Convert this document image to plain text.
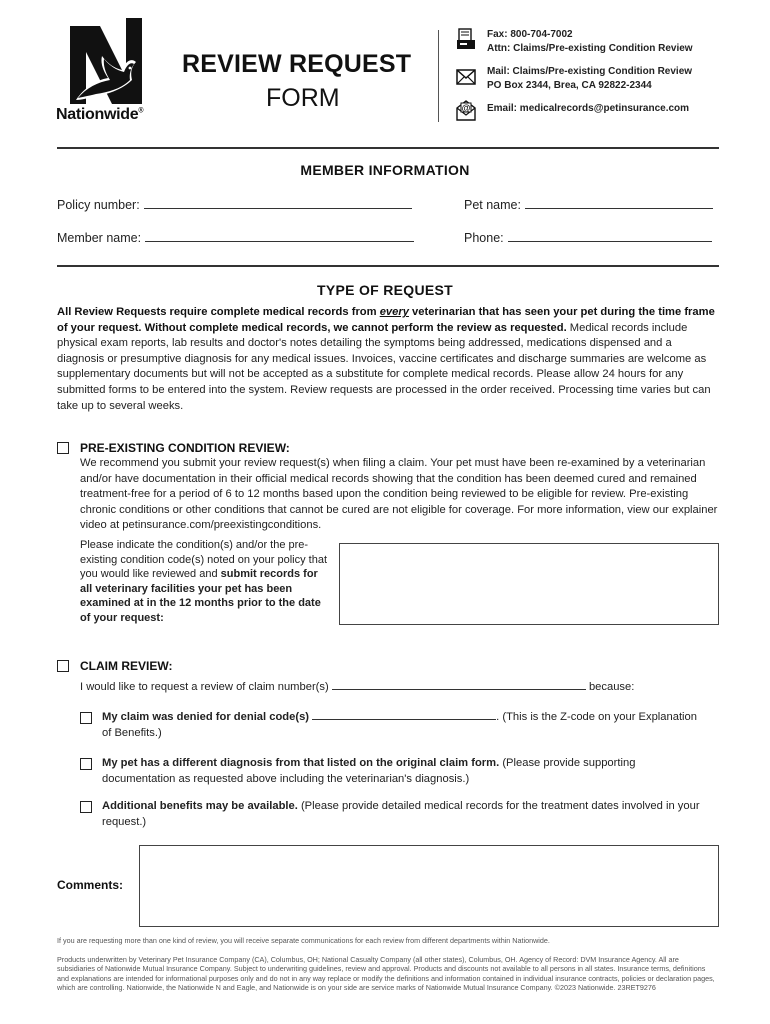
Nationwide®
REVIEW REQUEST
FORM
Fax: 800-704-7002
Attn: Claims/Pre-existing Condition Review
Mail: Claims/Pre-existing Condition Review
PO Box 2344, Brea, CA 92822-2344
@ Email: medicalrecords@petinsurance.com
MEMBER INFORMATION
Policy number:	Pet name:
Member name:	Phone:
TYPE OF REQUEST
All Review Requests require complete medical records from every veterinarian that has seen your pet during the time frame of your request. Without complete medical records, we cannot perform the review as requested. Medical records include physical exam reports, lab results and doctor's notes detailing the symptoms being addressed, medications dispensed and a diagnosis or presumptive diagnosis for any medical issues. Invoices, vaccine certificates and discharge summaries are welcome as supplementary documents but will not be accepted as a substitute for complete medical records. Please allow 24 hours for any submitted forms to be entered into the system. Review requests are processed in the order received. Processing time varies but can take up to several weeks.
PRE-EXISTING CONDITION REVIEW:
We recommend you submit your review request(s) when filing a claim. Your pet must have been re-examined by a veterinarian and/or have documentation in their official medical records showing that the condition has been deemed cured and remained treatment-free for a period of 6 to 12 months based upon the condition being reviewed to be eligible for review. Pre-existing chronic conditions or other conditions that cannot be cured are not eligible for coverage. For more information, view our explainer video at petinsurance.com/preexistingconditions.
Please indicate the condition(s) and/or the pre-existing condition code(s) noted on your policy that you would like reviewed and submit records for all veterinary facilities your pet has been examined at in the 12 months prior to the date of your request:
CLAIM REVIEW:
I would like to request a review of claim number(s)	because:
My claim was denied for denial code(s)	. (This is the Z-code on your Explanation of Benefits.)
My pet has a different diagnosis from that listed on the original claim form. (Please provide supporting documentation as requested above including the veterinarian's diagnosis.)
Additional benefits may be available. (Please provide detailed medical records for the treatment dates involved in your request.)
Comments:
If you are requesting more than one kind of review, you will receive separate communications for each review from different departments within Nationwide.
Products underwritten by Veterinary Pet Insurance Company (CA), Columbus, OH; National Casualty Company (all other states), Columbus, OH. Agency of Record: DVM Insurance Agency. All are subsidiaries of Nationwide Mutual Insurance Company. Subject to underwriting guidelines, review and approval. Products and discounts not available to all persons in all states. Insurance terms, definitions and explanations are intended for informational purposes only and do not in any way replace or modify the definitions and information contained in individual insurance contracts, policies or declaration pages, which are controlling. Nationwide, the Nationwide N and Eagle, and Nationwide is on your side are service marks of Nationwide Mutual Insurance Company. ©2023 Nationwide. 23RET9276
